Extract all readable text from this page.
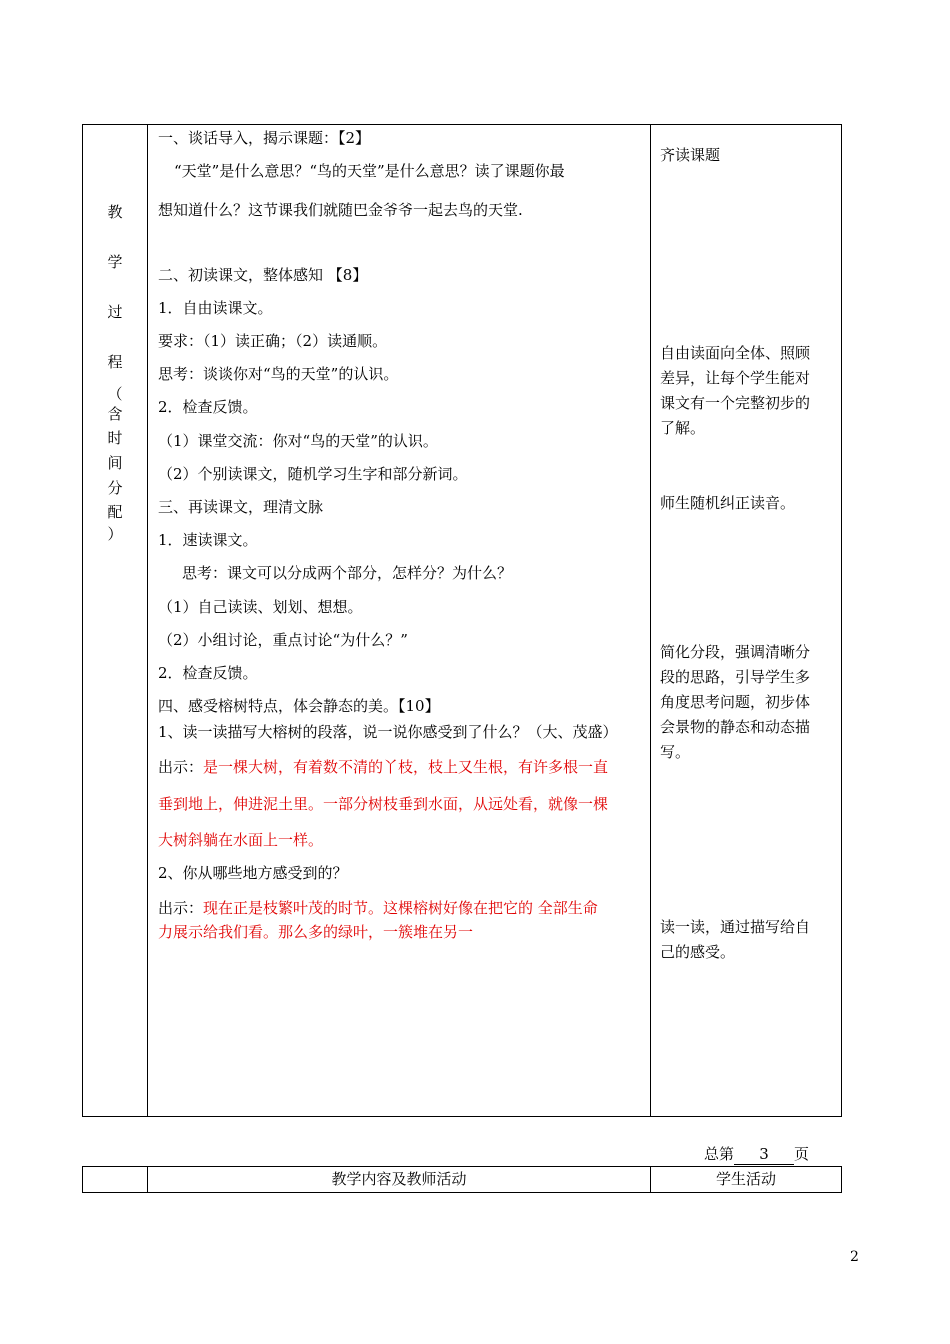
教
学
过
程
（
含
时
间
分
配
）

一、谈话导入，揭示课题：【2】

“天堂”是什么意思？“鸟的天堂”是什么意思？读了课题你最

想知道什么？这节课我们就随巴金爷爷一起去鸟的天堂.

二、初读课文，整体感知 【8】

1．自由读课文。

要求：（1）读正确；（2）读通顺。

思考：谈谈你对“鸟的天堂”的认识。

2．检查反馈。

（1）课堂交流：你对“鸟的天堂”的认识。

（2）个别读课文，随机学习生字和部分新词。

三、再读课文，理清文脉

1．速读课文。

思考：课文可以分成两个部分，怎样分？为什么？

（1）自己读读、划划、想想。

（2）小组讨论，重点讨论“为什么？”

2．检查反馈。

四、感受榕树特点，体会静态的美。【10】

1、读一读描写大榕树的段落，说一说你感受到了什么？（大、茂盛）

出示：是一棵大树，有着数不清的丫枝，枝上又生根，有许多根一直

垂到地上，伸进泥土里。一部分树枝垂到水面，从远处看，就像一棵

大树斜躺在水面上一样。

2、你从哪些地方感受到的？

出示：现在正是枝繁叶茂的时节。这棵榕树好像在把它的 全部生命

力展示给我们看。那么多的绿叶，一簇堆在另一

齐读课题

自由读面向全体、照顾

差异，让每个学生能对

课文有一个完整初步的

了解。

师生随机纠正读音。

简化分段，强调清晰分

段的思路，引导学生多

角度思考问题，初步体

会景物的静态和动态描

写。

读一读，通过描写给自

己的感受。

总第 3 页

教学内容及教师活动	学生活动

2
